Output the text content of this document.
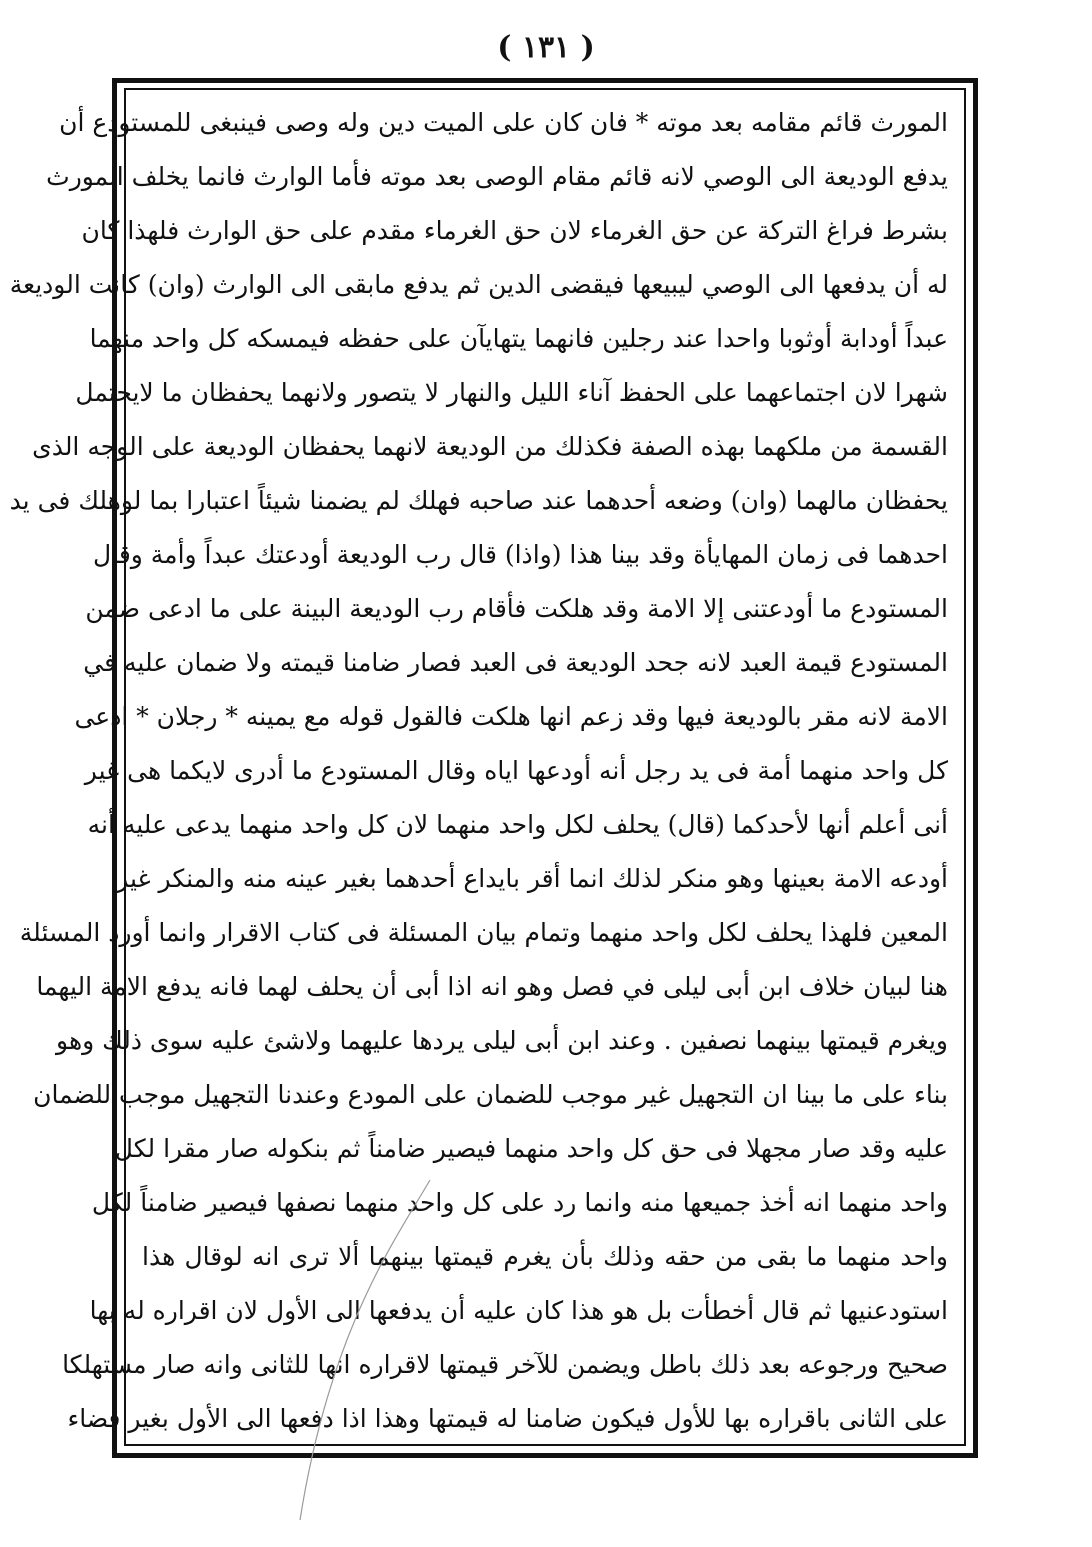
( ١٣١ )
المورث قائم مقامه بعد موته * فان كان على الميت دين وله وصى فينبغى للمستودع أن
يدفع الوديعة الى الوصي لانه قائم مقام الوصى بعد موته فأما الوارث فانما يخلف المورث
بشرط فراغ التركة عن حق الغرماء لان حق الغرماء مقدم على حق الوارث فلهذا كان
له أن يدفعها الى الوصي ليبيعها فيقضى الدين ثم يدفع مابقى الى الوارث (وان) كانت الوديعة
عبداً أودابة أوثوبا واحدا عند رجلين فانهما يتهايآن على حفظه فيمسكه كل واحد منهما
شهرا لان اجتماعهما على الحفظ آناء الليل والنهار لا يتصور ولانهما يحفظان ما لايحتمل
القسمة من ملكهما بهذه الصفة فكذلك من الوديعة لانهما يحفظان الوديعة على الوجه الذى
يحفظان مالهما (وان) وضعه أحدهما عند صاحبه فهلك لم يضمنا شيئاً اعتبارا بما لوهلك فى يد
احدهما فى زمان المهايأة وقد بينا هذا (واذا) قال رب الوديعة أودعتك عبداً وأمة وقال
المستودع ما أودعتنى إلا الامة وقد هلكت فأقام رب الوديعة البينة على ما ادعى ضمن
المستودع قيمة العبد لانه جحد الوديعة فى العبد فصار ضامنا قيمته ولا ضمان عليه في
الامة لانه مقر بالوديعة فيها وقد زعم انها هلكت فالقول قوله مع يمينه * رجلان * ادعى
كل واحد منهما أمة فى يد رجل أنه أودعها اياه وقال المستودع ما أدرى لايكما هى غير
أنى أعلم أنها لأحدكما (قال) يحلف لكل واحد منهما لان كل واحد منهما يدعى عليه أنه
أودعه الامة بعينها وهو منكر لذلك انما أقر بايداع أحدهما بغير عينه منه والمنكر غير
المعين فلهذا يحلف لكل واحد منهما وتمام بيان المسئلة فى كتاب الاقرار وانما أورد المسئلة
هنا لبيان خلاف ابن أبى ليلى في فصل وهو انه اذا أبى أن يحلف لهما فانه يدفع الامة اليهما
ويغرم قيمتها بينهما نصفين . وعند ابن أبى ليلى يردها عليهما ولاشئ عليه سوى ذلك وهو
بناء على ما بينا ان التجهيل غير موجب للضمان على المودع وعندنا التجهيل موجب للضمان
عليه وقد صار مجهلا فى حق كل واحد منهما فيصير ضامناً ثم بنكوله صار مقرا لكل
واحد منهما انه أخذ جميعها منه وانما رد على كل واحد منهما نصفها فيصير ضامناً لكل
واحد منهما ما بقى من حقه وذلك بأن يغرم قيمتها بينهما ألا ترى انه لوقال هذا
استودعنيها ثم قال أخطأت بل هو هذا كان عليه أن يدفعها الى الأول لان اقراره له بها
صحيح ورجوعه بعد ذلك باطل ويضمن للآخر قيمتها لاقراره انها للثانى وانه صار مستهلكا
على الثانى باقراره بها للأول فيكون ضامنا له قيمتها وهذا اذا دفعها الى الأول بغير قضاء
